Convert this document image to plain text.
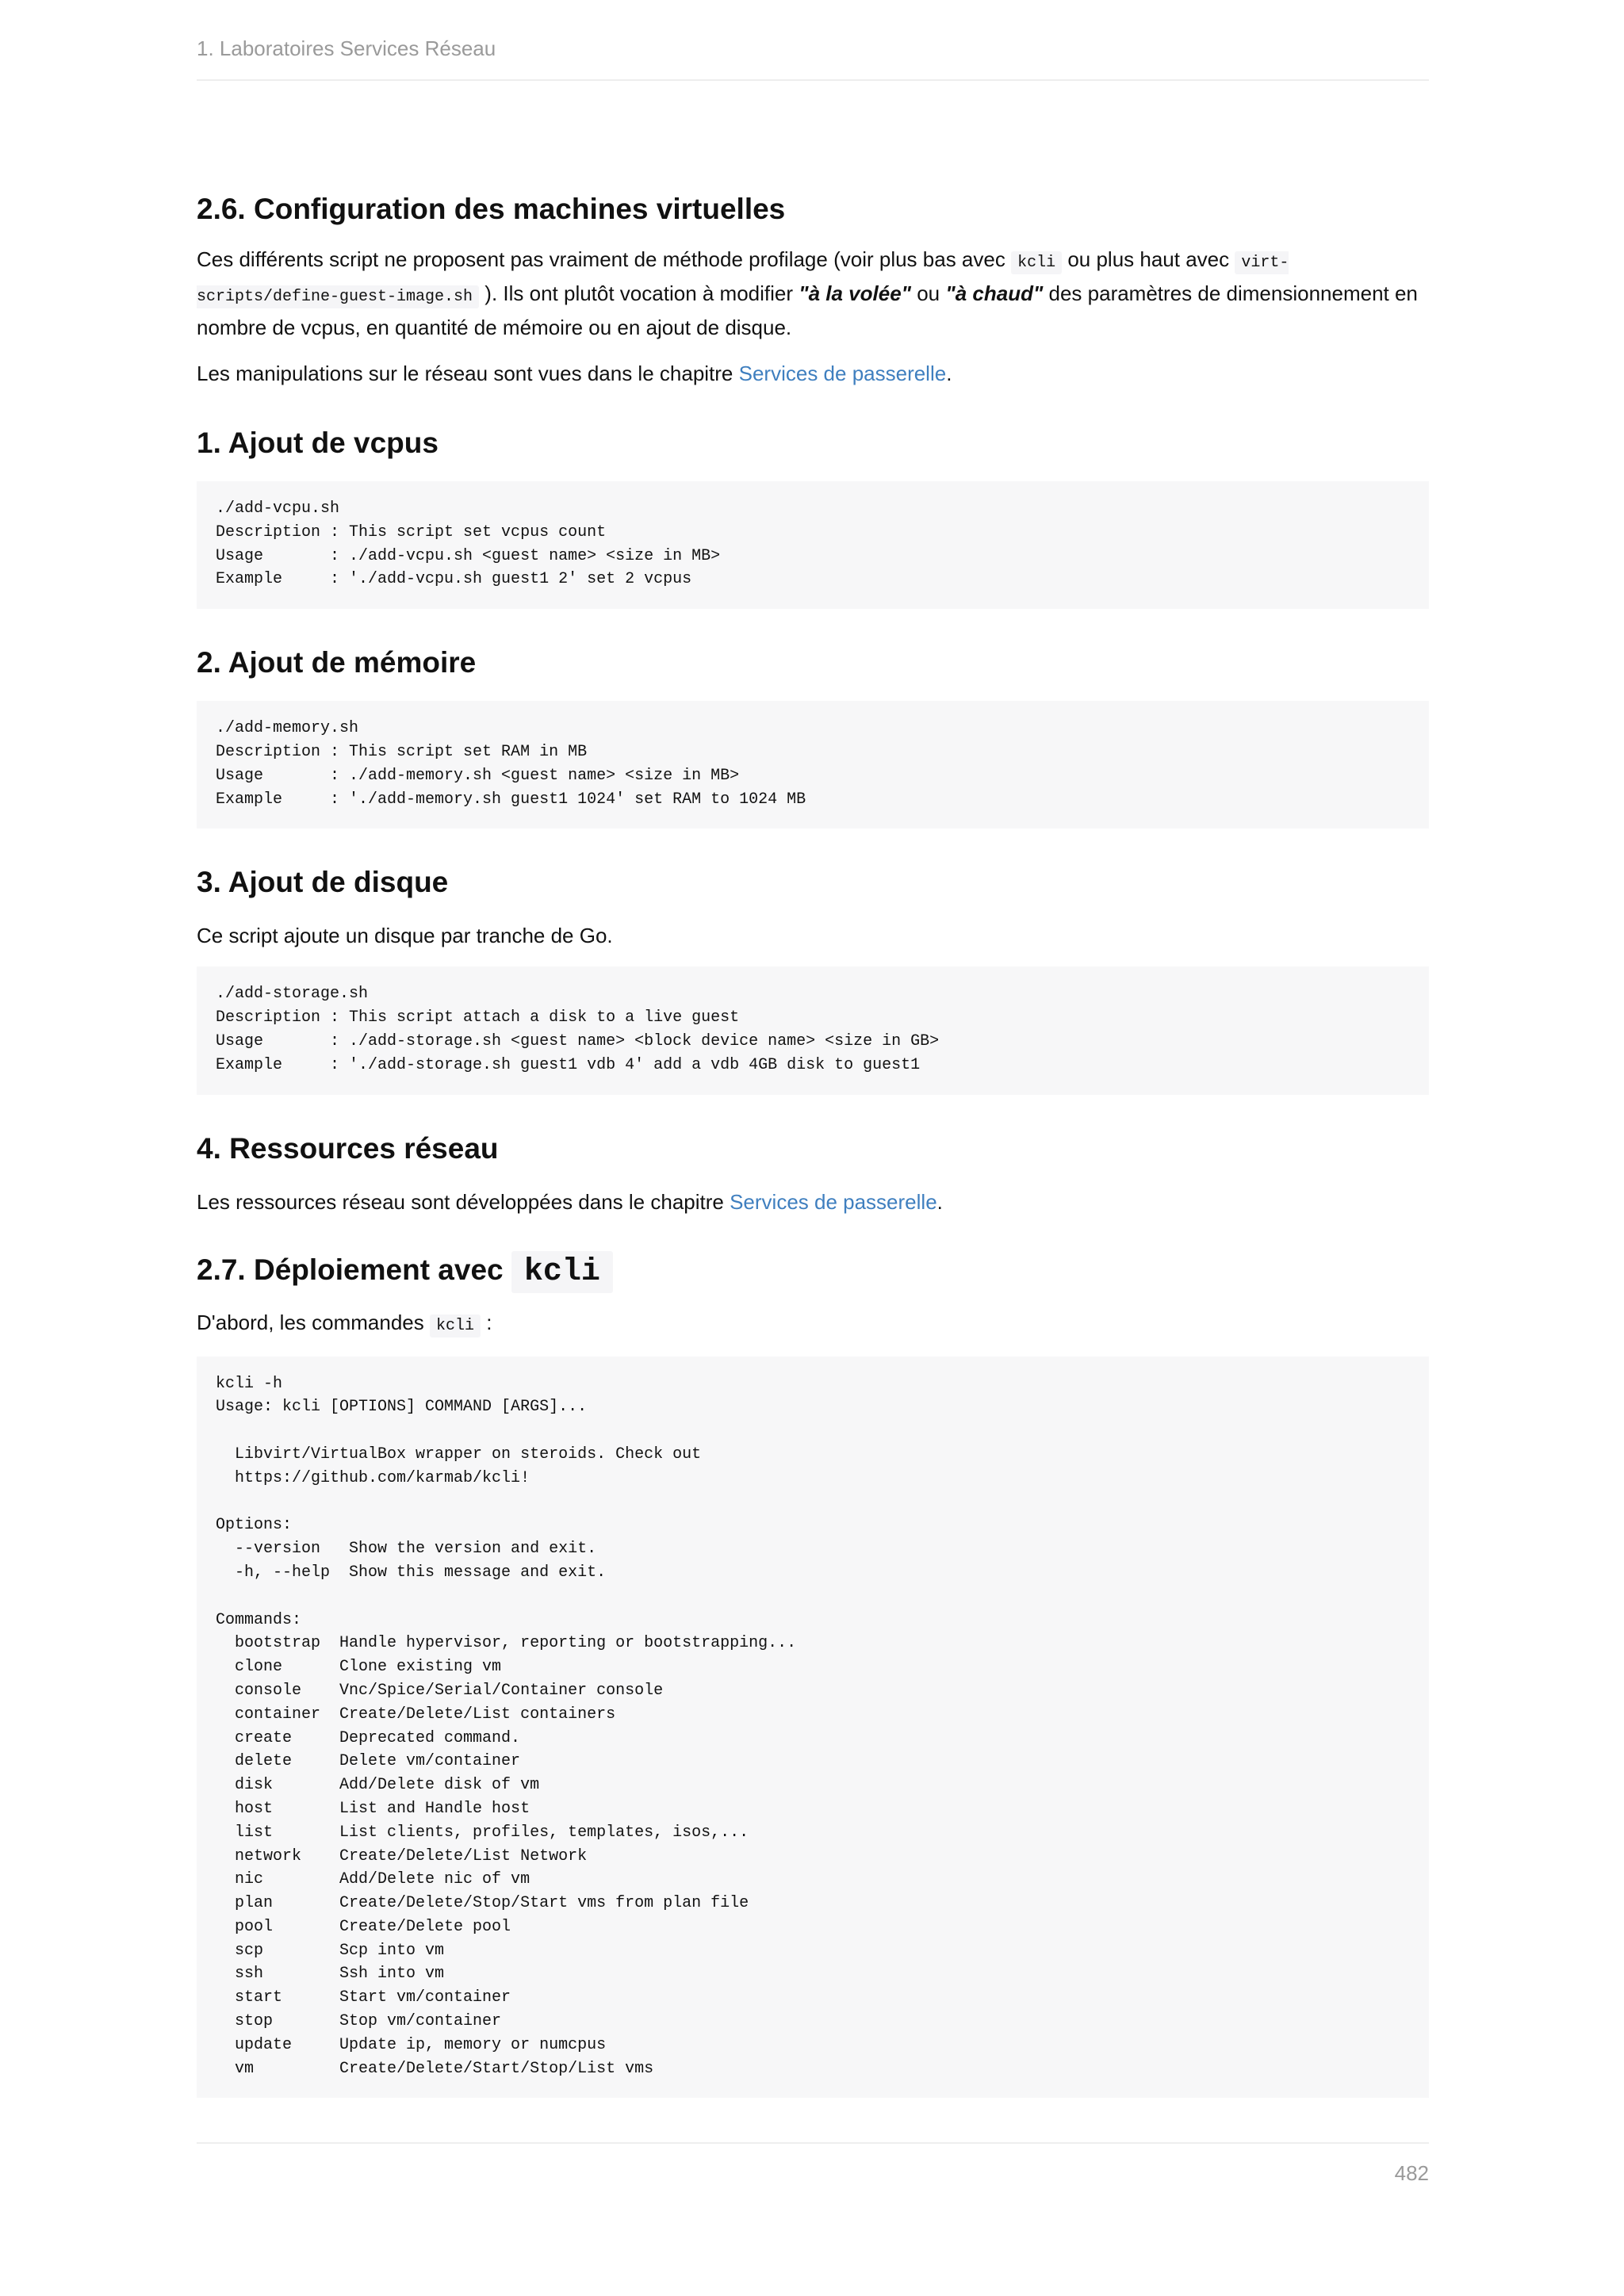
1. Laboratoires Services Réseau
2.6. Configuration des machines virtuelles

Ces différents script ne proposent pas vraiment de méthode profilage (voir plus bas avec kcli ou plus haut avec virt-scripts/define-guest-image.sh ). Ils ont plutôt vocation à modifier "à la volée" ou "à chaud" des paramètres de dimensionnement en nombre de vcpus, en quantité de mémoire ou en ajout de disque.

Les manipulations sur le réseau sont vues dans le chapitre Services de passerelle.

1. Ajout de vcpus
./add-vcpu.sh
Description : This script set vcpus count
Usage       : ./add-vcpu.sh <guest name> <size in MB>
Example     : './add-vcpu.sh guest1 2' set 2 vcpus
2. Ajout de mémoire
./add-memory.sh
Description : This script set RAM in MB
Usage       : ./add-memory.sh <guest name> <size in MB>
Example     : './add-memory.sh guest1 1024' set RAM to 1024 MB
3. Ajout de disque

Ce script ajoute un disque par tranche de Go.

./add-storage.sh
Description : This script attach a disk to a live guest
Usage       : ./add-storage.sh <guest name> <block device name> <size in GB>
Example     : './add-storage.sh guest1 vdb 4' add a vdb 4GB disk to guest1
4. Ressources réseau

Les ressources réseau sont développées dans le chapitre Services de passerelle.

2.7. Déploiement avec kcli

D'abord, les commandes kcli :

kcli -h
Usage: kcli [OPTIONS] COMMAND [ARGS]...

Libvirt/VirtualBox wrapper on steroids. Check out
https://github.com/karmab/kcli!

Options:
--version   Show the version and exit.
-h, --help  Show this message and exit.

Commands:
bootstrap  Handle hypervisor, reporting or bootstrapping...
clone      Clone existing vm
console    Vnc/Spice/Serial/Container console
container  Create/Delete/List containers
create     Deprecated command.
delete     Delete vm/container
disk       Add/Delete disk of vm
host       List and Handle host
list       List clients, profiles, templates, isos,...
network    Create/Delete/List Network
nic        Add/Delete nic of vm
plan       Create/Delete/Stop/Start vms from plan file
pool       Create/Delete pool
scp        Scp into vm
ssh        Ssh into vm
start      Start vm/container
stop       Stop vm/container
update     Update ip, memory or numcpus
vm         Create/Delete/Start/Stop/List vms
482
